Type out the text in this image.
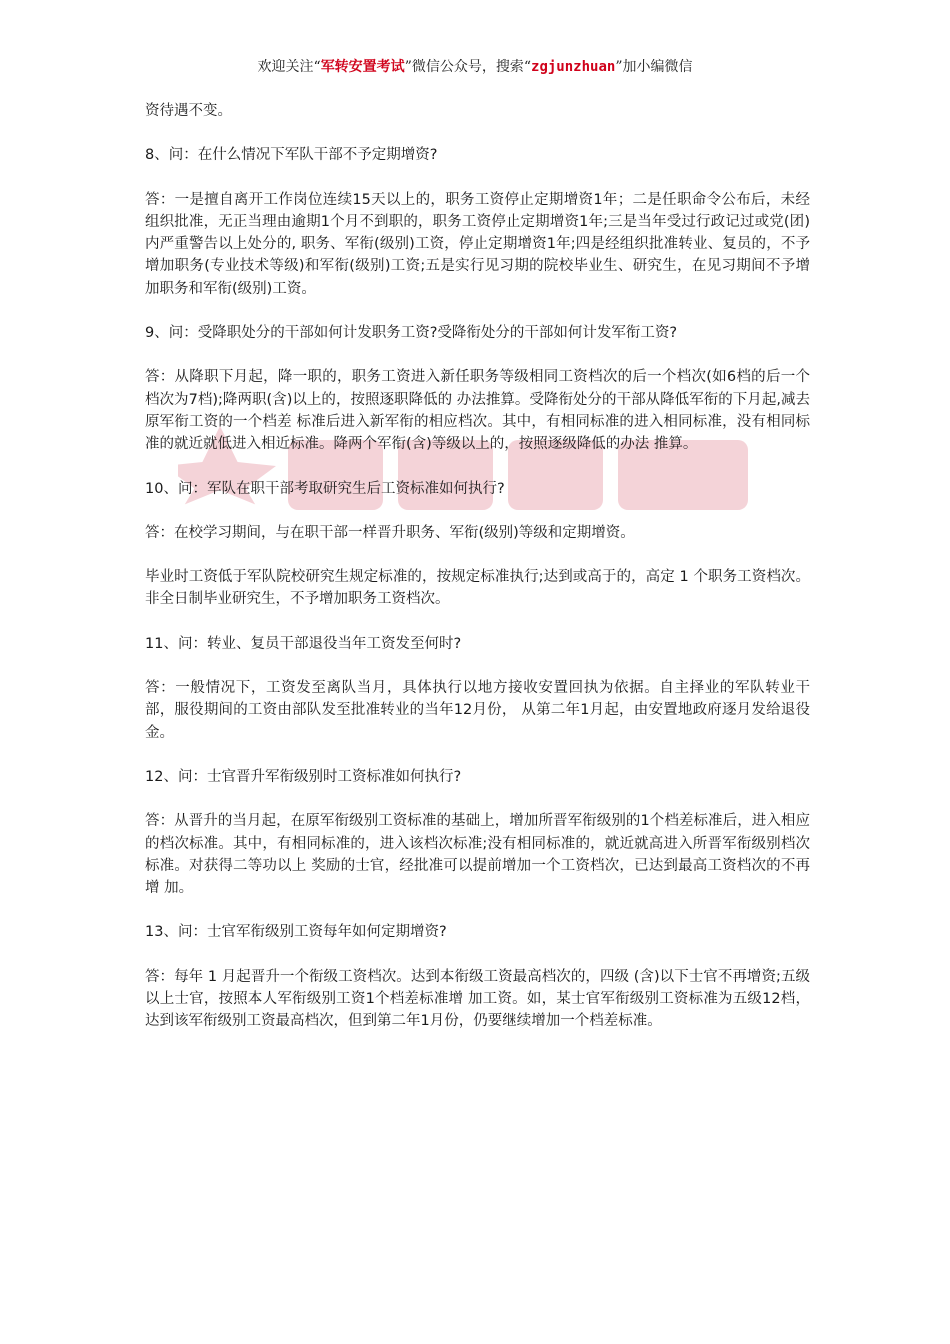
欢迎关注“军转安置考试”微信公众号，搜索“zgjunzhuan”加小编微信

资待遇不变。

8、问：在什么情况下军队干部不予定期增资?

答：一是擅自离开工作岗位连续15天以上的，职务工资停止定期增资1年；二是任职命令公布后，未经组织批准，无正当理由逾期1个月不到职的，职务工资停止定期增资1年;三是当年受过行政记过或党(团)内严重警告以上处分的, 职务、军衔(级别)工资，停止定期增资1年;四是经组织批准转业、复员的，不予增加职务(专业技术等级)和军衔(级别)工资;五是实行见习期的院校毕业生、研究生，在见习期间不予增加职务和军衔(级别)工资。

9、问：受降职处分的干部如何计发职务工资?受降衔处分的干部如何计发军衔工资?

答：从降职下月起，降一职的，职务工资进入新任职务等级相同工资档次的后一个档次(如6档的后一个档次为7档);降两职(含)以上的，按照逐职降低的 办法推算。受降衔处分的干部从降低军衔的下月起,减去原军衔工资的一个档差 标准后进入新军衔的相应档次。其中，有相同标准的进入相同标准，没有相同标 准的就近就低进入相近标准。降两个军衔(含)等级以上的，按照逐级降低的办法 推算。

10、问：军队在职干部考取研究生后工资标准如何执行?

答：在校学习期间，与在职干部一样晋升职务、军衔(级别)等级和定期增资。

毕业时工资低于军队院校研究生规定标准的，按规定标准执行;达到或高于的，高定 1 个职务工资档次。非全日制毕业研究生，不予增加职务工资档次。

11、问：转业、复员干部退役当年工资发至何时?

答：一般情况下，工资发至离队当月，具体执行以地方接收安置回执为依据。自主择业的军队转业干部，服役期间的工资由部队发至批准转业的当年12月份， 从第二年1月起，由安置地政府逐月发给退役金。

12、问：士官晋升军衔级别时工资标准如何执行?

答：从晋升的当月起，在原军衔级别工资标准的基础上，增加所晋军衔级别的1个档差标准后，进入相应的档次标准。其中，有相同标准的，进入该档次标准;没有相同标准的，就近就高进入所晋军衔级别档次标准。对获得二等功以上 奖励的士官，经批准可以提前增加一个工资档次，已达到最高工资档次的不再增 加。

13、问：士官军衔级别工资每年如何定期增资?

答：每年 1 月起晋升一个衔级工资档次。达到本衔级工资最高档次的，四级 (含)以下士官不再增资;五级以上士官，按照本人军衔级别工资1个档差标准增 加工资。如，某士官军衔级别工资标准为五级12档，达到该军衔级别工资最高档次，但到第二年1月份，仍要继续增加一个档差标准。
